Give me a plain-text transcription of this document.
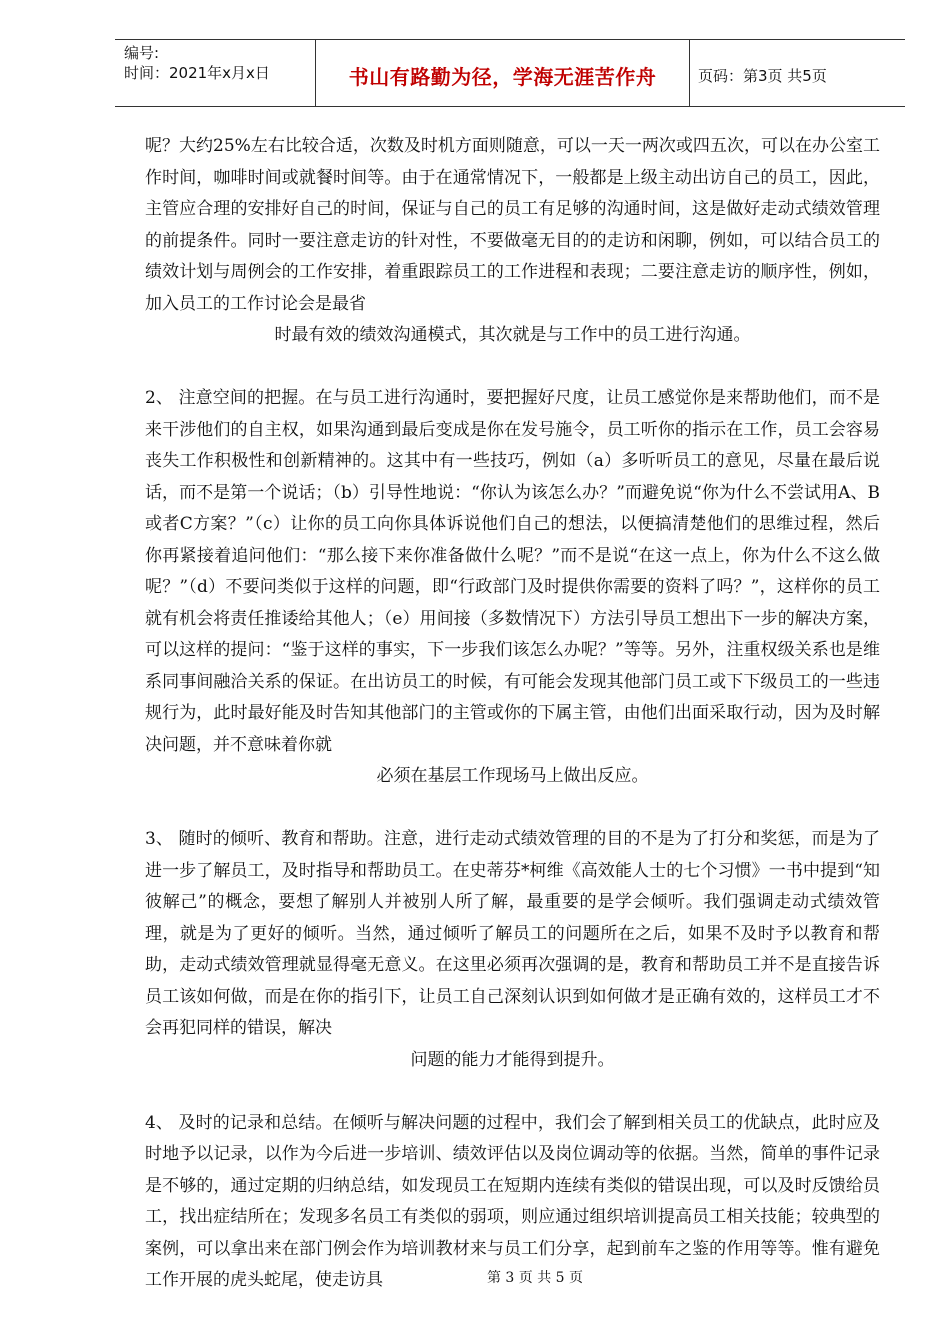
编号:
时间：2021年x月x日	书山有路勤为径，学海无涯苦作舟	页码：第3页 共5页

呢？大约25%左右比较合适，次数及时机方面则随意，可以一天一两次或四五次，可以在办公室工作时间，咖啡时间或就餐时间等。由于在通常情况下，一般都是上级主动出访自己的员工，因此，主管应合理的安排好自己的时间，保证与自己的员工有足够的沟通时间，这是做好走动式绩效管理的前提条件。同时一要注意走访的针对性，不要做毫无目的的走访和闲聊，例如，可以结合员工的绩效计划与周例会的工作安排，着重跟踪员工的工作进程和表现；二要注意走访的顺序性，例如，加入员工的工作讨论会是最省
时最有效的绩效沟通模式，其次就是与工作中的员工进行沟通。

2、 注意空间的把握。在与员工进行沟通时，要把握好尺度，让员工感觉你是来帮助他们，而不是来干涉他们的自主权，如果沟通到最后变成是你在发号施令，员工听你的指示在工作，员工会容易丧失工作积极性和创新精神的。这其中有一些技巧，例如（a）多听听员工的意见，尽量在最后说话，而不是第一个说话；（b）引导性地说：“你认为该怎么办？”而避免说“你为什么不尝试用A、B或者C方案？”（c）让你的员工向你具体诉说他们自己的想法，以便搞清楚他们的思维过程，然后你再紧接着追问他们：“那么接下来你准备做什么呢？”而不是说“在这一点上，你为什么不这么做呢？”（d）不要问类似于这样的问题，即“行政部门及时提供你需要的资料了吗？”，这样你的员工就有机会将责任推诿给其他人；（e）用间接（多数情况下）方法引导员工想出下一步的解决方案，可以这样的提问：“鉴于这样的事实，下一步我们该怎么办呢？”等等。另外，注重权级关系也是维系同事间融洽关系的保证。在出访员工的时候，有可能会发现其他部门员工或下下级员工的一些违规行为，此时最好能及时告知其他部门的主管或你的下属主管，由他们出面采取行动，因为及时解决问题，并不意味着你就
必须在基层工作现场马上做出反应。

3、 随时的倾听、教育和帮助。注意，进行走动式绩效管理的目的不是为了打分和奖惩，而是为了进一步了解员工，及时指导和帮助员工。在史蒂芬*柯维《高效能人士的七个习惯》一书中提到“知彼解己”的概念，要想了解别人并被别人所了解，最重要的是学会倾听。我们强调走动式绩效管理，就是为了更好的倾听。当然，通过倾听了解员工的问题所在之后，如果不及时予以教育和帮助，走动式绩效管理就显得毫无意义。在这里必须再次强调的是，教育和帮助员工并不是直接告诉员工该如何做，而是在你的指引下，让员工自己深刻认识到如何做才是正确有效的，这样员工才不会再犯同样的错误，解决
问题的能力才能得到提升。

4、 及时的记录和总结。在倾听与解决问题的过程中，我们会了解到相关员工的优缺点，此时应及时地予以记录，以作为今后进一步培训、绩效评估以及岗位调动等的依据。当然，简单的事件记录是不够的，通过定期的归纳总结，如发现员工在短期内连续有类似的错误出现，可以及时反馈给员工，找出症结所在；发现多名员工有类似的弱项，则应通过组织培训提高员工相关技能；较典型的案例，可以拿出来在部门例会作为培训教材来与员工们分享，起到前车之鉴的作用等等。惟有避免工作开展的虎头蛇尾，使走访具	第 3 页 共 5 页
